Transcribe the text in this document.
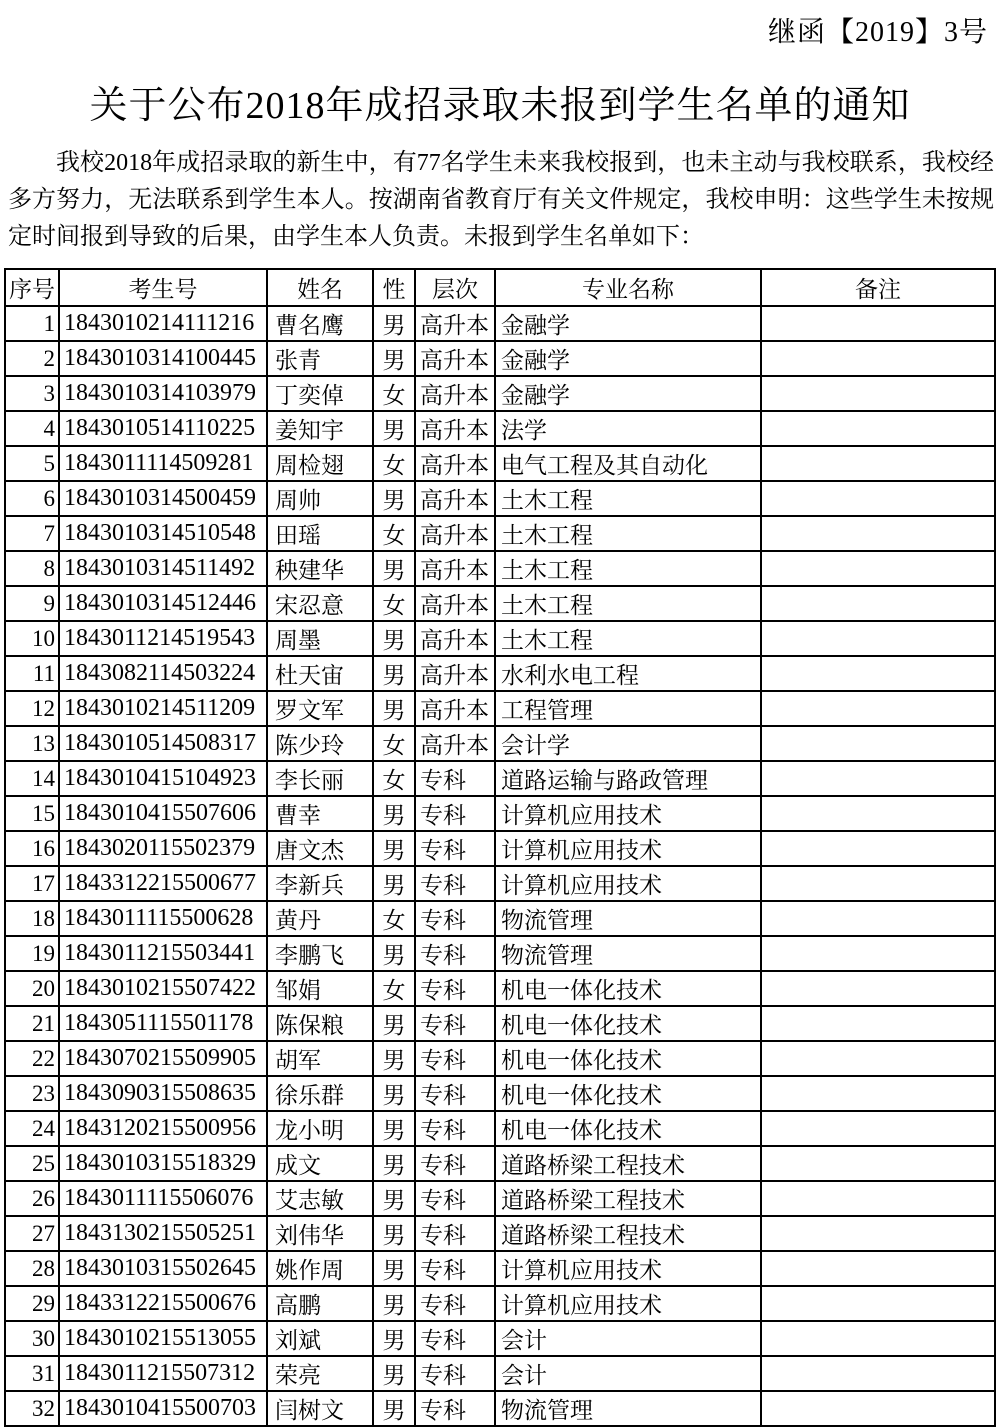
继函【2019】3号
关于公布2018年成招录取未报到学生名单的通知

我校2018年成招录取的新生中，有77名学生未来我校报到，也未主动与我校联系，我校经多方努力，无法联系到学生本人。按湖南省教育厅有关文件规定，我校申明：这些学生未按规定时间报到导致的后果，由学生本人负责。未报到学生名单如下：

序号	考生号	姓名	性	层次	专业名称	备注
1	1843010214111216	曹名鹰	男	高升本	金融学	
2	1843010314100445	张青	男	高升本	金融学	
3	1843010314103979	丁奕倬	女	高升本	金融学	
4	1843010514110225	姜知宇	男	高升本	法学	
5	1843011114509281	周检翅	女	高升本	电气工程及其自动化	
6	1843010314500459	周帅	男	高升本	土木工程	
7	1843010314510548	田瑶	女	高升本	土木工程	
8	1843010314511492	秧建华	男	高升本	土木工程	
9	1843010314512446	宋忍意	女	高升本	土木工程	
10	1843011214519543	周墨	男	高升本	土木工程	
11	1843082114503224	杜天宙	男	高升本	水利水电工程	
12	1843010214511209	罗文军	男	高升本	工程管理	
13	1843010514508317	陈少玲	女	高升本	会计学	
14	1843010415104923	李长丽	女	专科	道路运输与路政管理	
15	1843010415507606	曹幸	男	专科	计算机应用技术	
16	1843020115502379	唐文杰	男	专科	计算机应用技术	
17	1843312215500677	李新兵	男	专科	计算机应用技术	
18	1843011115500628	黄丹	女	专科	物流管理	
19	1843011215503441	李鹏飞	男	专科	物流管理	
20	1843010215507422	邹娟	女	专科	机电一体化技术	
21	1843051115501178	陈保粮	男	专科	机电一体化技术	
22	1843070215509905	胡军	男	专科	机电一体化技术	
23	1843090315508635	徐乐群	男	专科	机电一体化技术	
24	1843120215500956	龙小明	男	专科	机电一体化技术	
25	1843010315518329	成文	男	专科	道路桥梁工程技术	
26	1843011115506076	艾志敏	男	专科	道路桥梁工程技术	
27	1843130215505251	刘伟华	男	专科	道路桥梁工程技术	
28	1843010315502645	姚作周	男	专科	计算机应用技术	
29	1843312215500676	高鹏	男	专科	计算机应用技术	
30	1843010215513055	刘斌	男	专科	会计	
31	1843011215507312	荣亮	男	专科	会计	
32	1843010415500703	闫树文	男	专科	物流管理	
